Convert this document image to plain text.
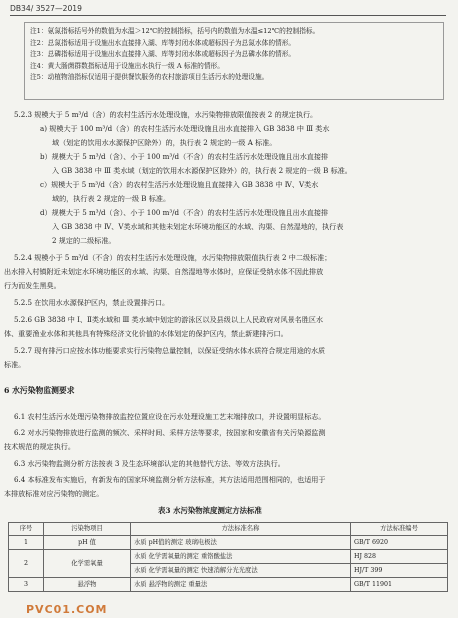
DB34/ 3527—2019
注1：氨氮指标括号外的数值为水温＞12℃的控制指标，括号内的数值为水温≤12℃的控制指标。
注2：总氮指标适用于设施出水直接排入湖、库等封闭水体或超标因子为总氮水体的情形。
注3：总磷指标适用于设施出水直接排入湖、库等封闭水体或超标因子为总磷水体的情形。
注4：黄大肠菌群数指标适用于设施出水执行一级 A 标准的情形。
注5：动植物油指标仅适用于提供餐饮服务的农村旅游项目生活污水的处理设施。
5.2.3 规模大于 5 m³/d（含）的农村生活污水处理设施，水污染物排放限值按表 2 的规定执行。
a) 规模大于 100 m³/d（含）的农村生活污水处理设施且出水直接排入 GB 3838 中 Ⅲ 类水
域（划定的饮用水水源保护区除外）的，执行表 2 规定的一级 A 标准。
b）规模大于 5 m³/d（含）、小于 100 m³/d（不含）的农村生活污水处理设施且出水直接排
入 GB 3838 中 Ⅲ 类水域（划定的饮用水水源保护区除外）的，执行表 2 规定的一级 B 标准。
c）规模大于 5 m³/d（含）的农村生活污水处理设施且直接排入 GB 3838 中 Ⅳ、Ⅴ类水
域的，执行表 2 规定的一级 B 标准。
d）规模大于 5 m³/d（含）、小于 100 m³/d（不含）的农村生活污水处理设施且出水直接排
入 GB 3838 中 Ⅳ、Ⅴ类水域和其他未划定水环境功能区的水域、沟渠、自然湿地的，执行表
2 规定的二级标准。
5.2.4 规模小于 5 m³/d（不含）的农村生活污水处理设施，水污染物排放限值执行表 2 中二级标准；
出水排入村镇附近未划定水环境功能区的水域、沟渠、自然湿地等水体时，应保证受纳水体不因此排放
行为而发生黑臭。
5.2.5 在饮用水水源保护区内，禁止设置排污口。
5.2.6 GB 3838 中 Ⅰ、Ⅱ类水域和 Ⅲ 类水域中划定的游泳区以及县级以上人民政府对风景名胜区水
体、重要渔业水体和其他具有特殊经济文化价值的水体划定的保护区内，禁止新建排污口。
5.2.7 现有排污口应按水体功能要求实行污染物总量控制，以保证受纳水体水质符合规定用途的水质
标准。
6 水污染物监测要求
6.1 农村生活污水处理污染物排放监控位置应设在污水处理设施工艺末端排放口，并设置明显标志。
6.2 对水污染物排放进行监测的频次、采样时间、采样方法等要求，按国家和安徽省有关污染源监测
技术规范的规定执行。
6.3 水污染物监测分析方法按表 3 及生态环境部认定的其他替代方法、等效方法执行。
6.4 本标准发布实施后，有新发布的国家环境监测分析方法标准，其方法适用范围相同的，也适用于
本排放标准对应污染物的测定。
表3 水污染物浓度测定方法标准
序号	污染物项目	方法标准名称	方法标准编号
1	pH 值	水质 pH值的测定 玻璃电极法	GB/T 6920
2	化学需氧量	水质 化学需氧量的测定 重铬酸盐法	HJ 828
		水质 化学需氧量的测定 快速消解分光光度法	HJ/T 399
3	悬浮物	水质 悬浮物的测定 重量法	GB/T 11901
PVC01.COM
